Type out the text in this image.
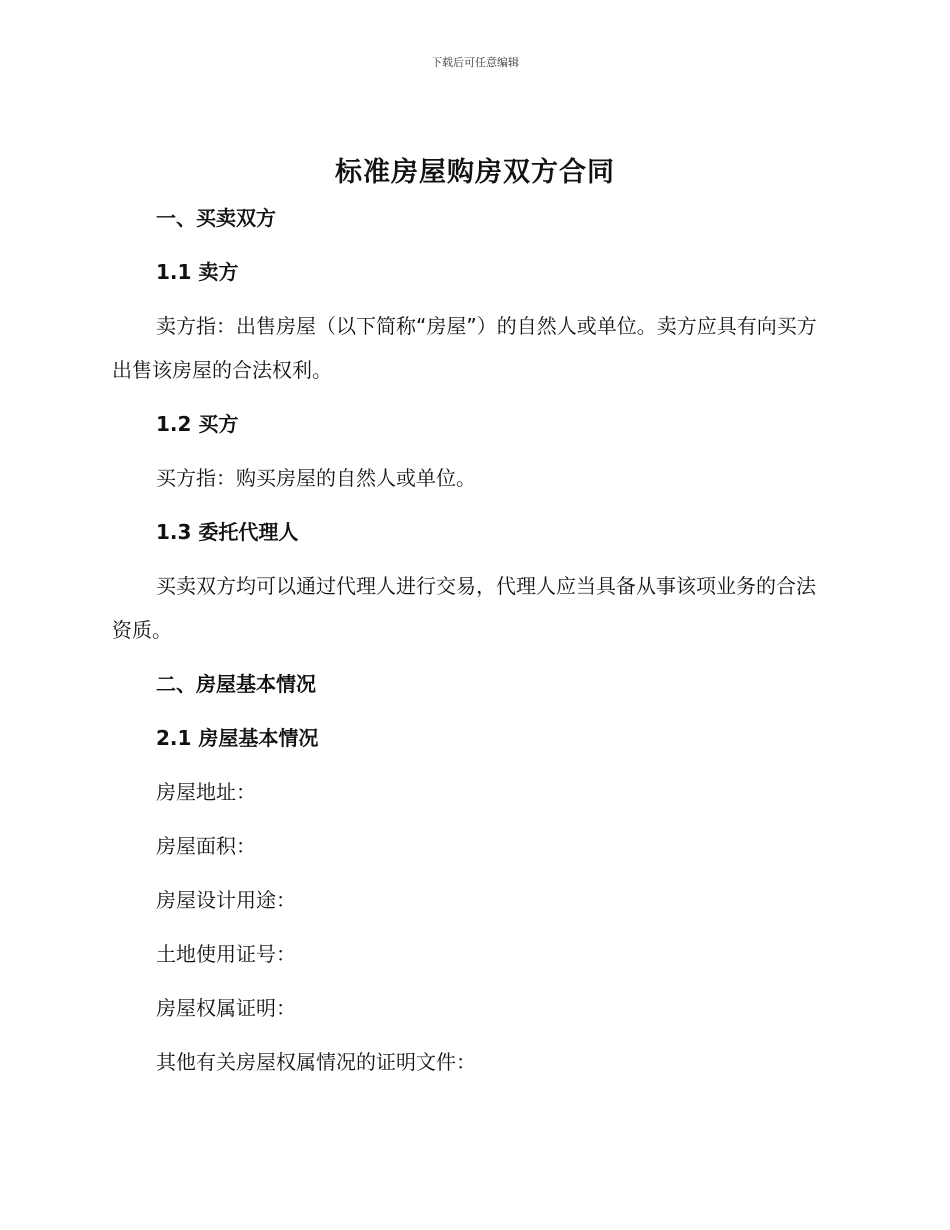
下载后可任意编辑
标准房屋购房双方合同

一、买卖双方

1.1 卖方

卖方指：出售房屋（以下简称“房屋”）的自然人或单位。卖方应具有向买方出售该房屋的合法权利。

1.2 买方

买方指：购买房屋的自然人或单位。

1.3 委托代理人

买卖双方均可以通过代理人进行交易，代理人应当具备从事该项业务的合法资质。

二、房屋基本情况

2.1 房屋基本情况

房屋地址：

房屋面积：

房屋设计用途：

土地使用证号：

房屋权属证明：

其他有关房屋权属情况的证明文件：
